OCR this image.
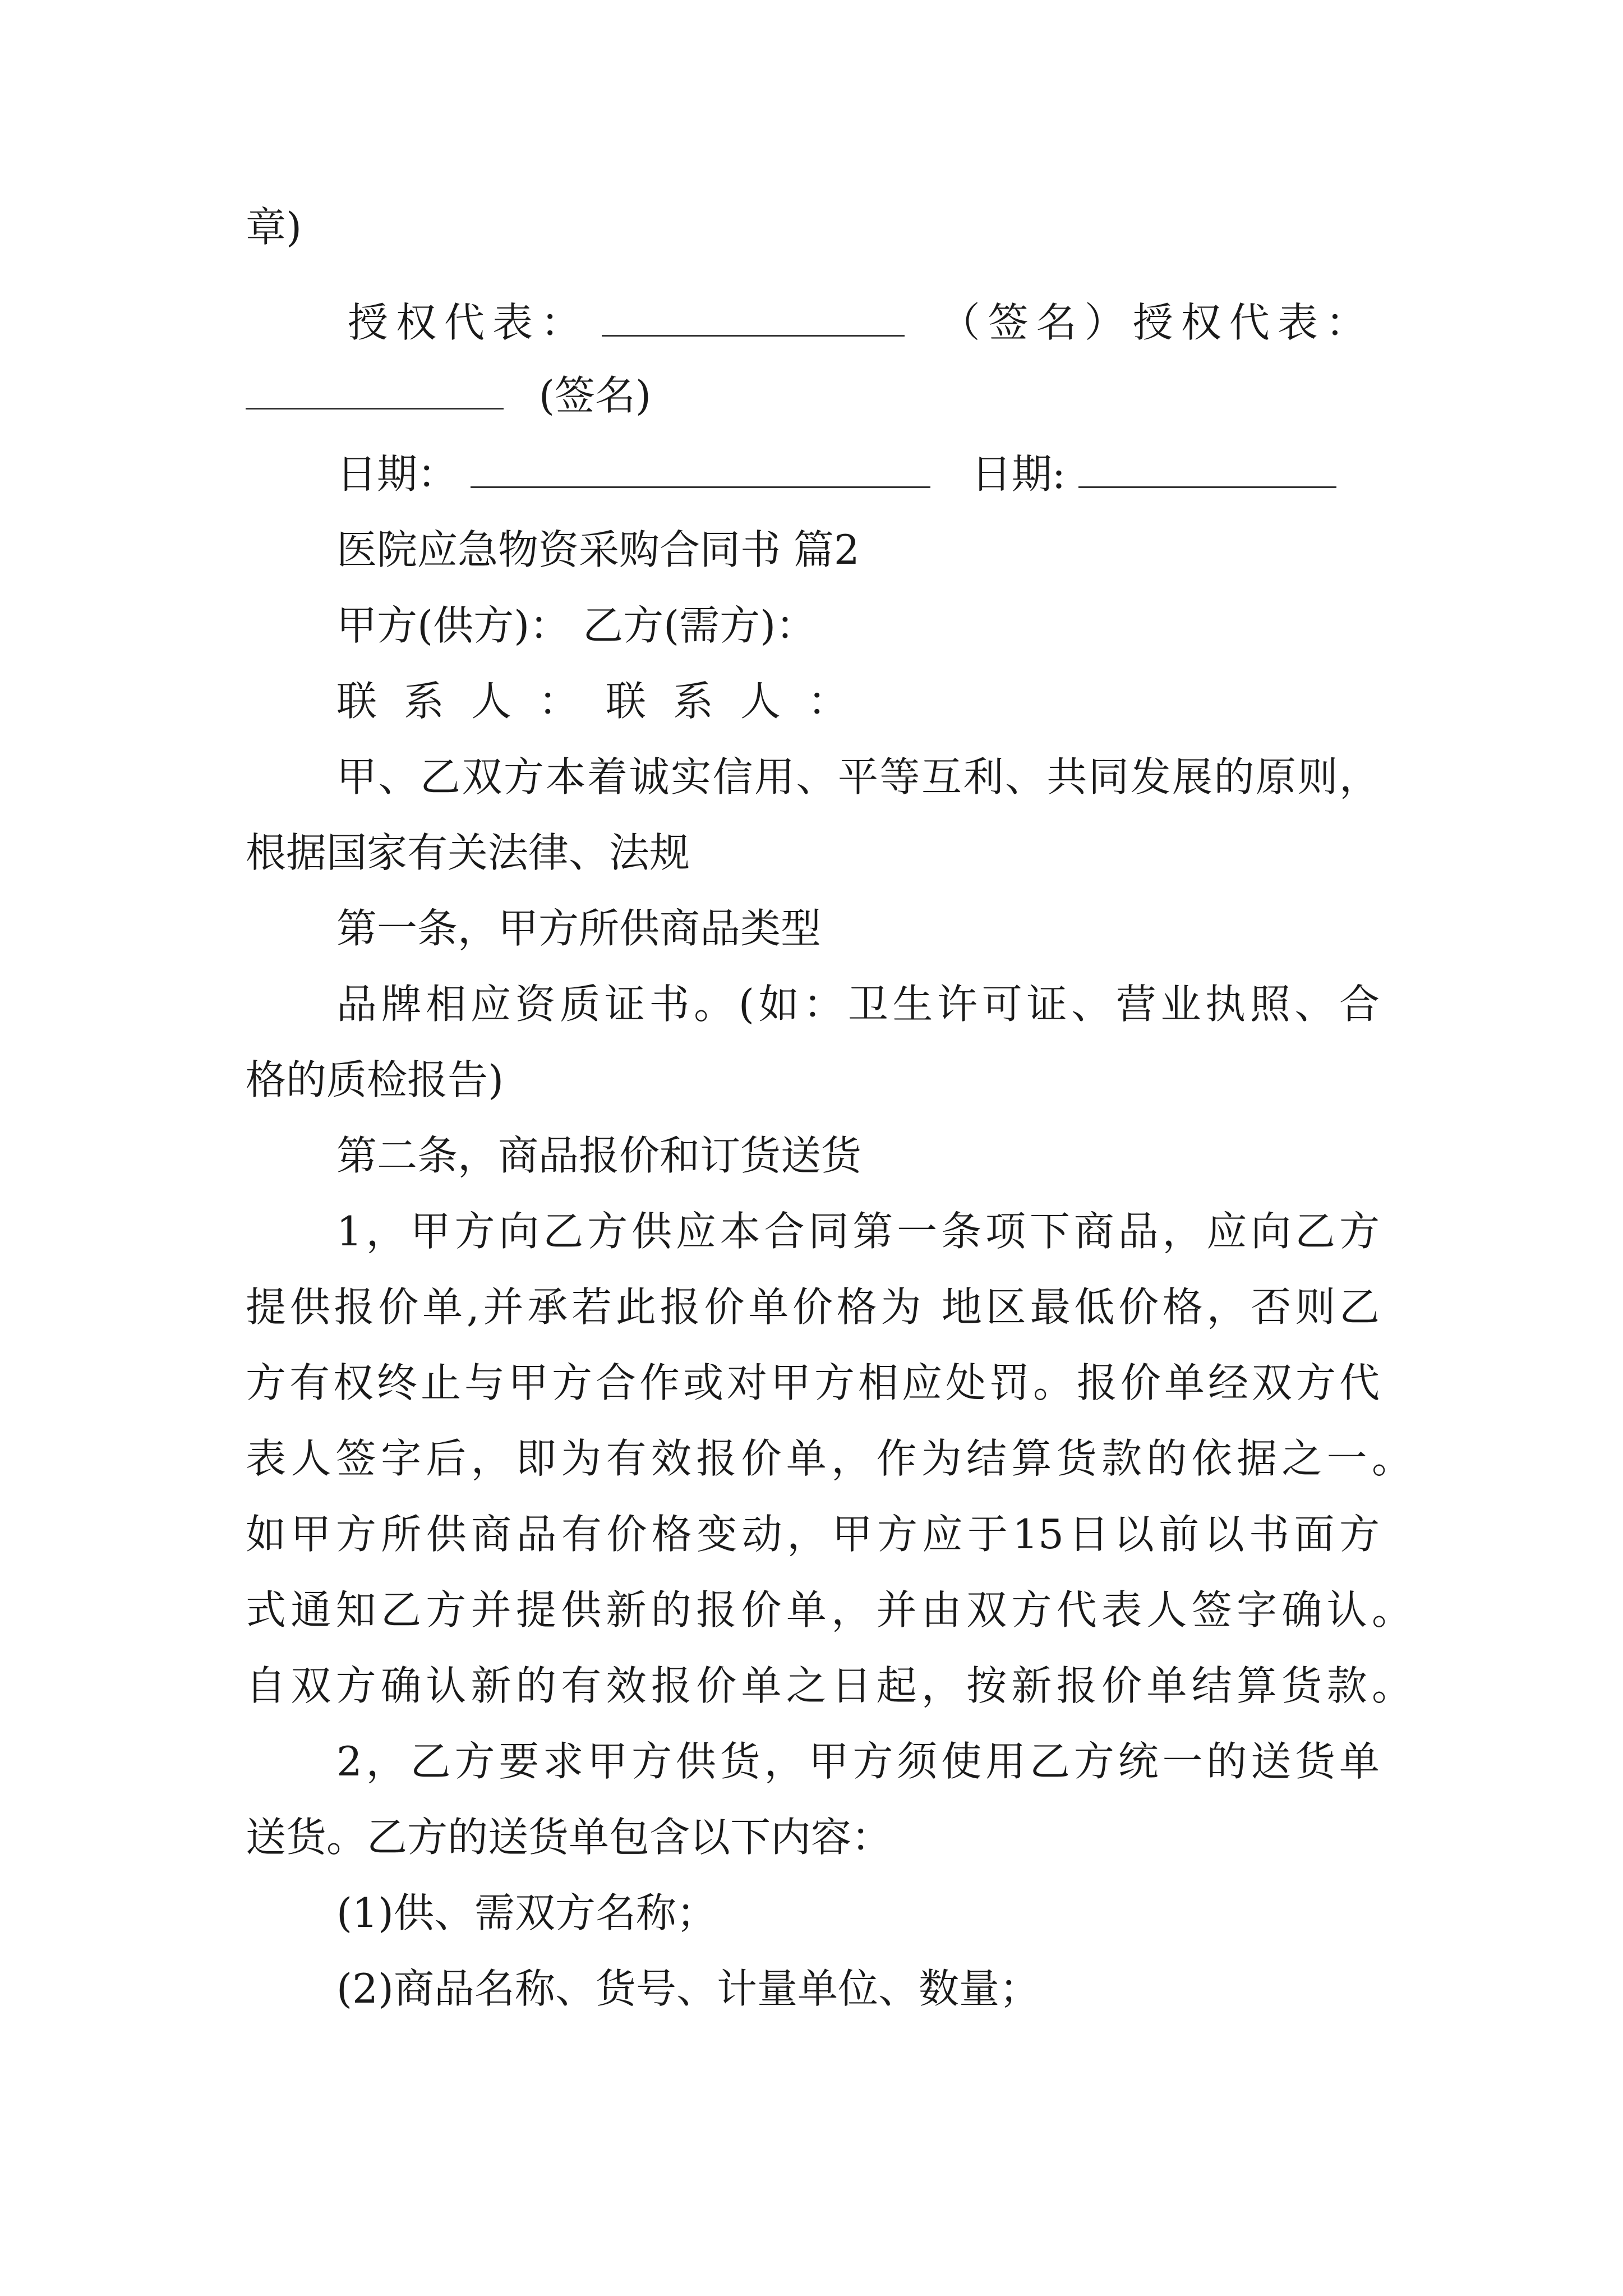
章)
授权代表：	（签名）授权代表：
(签名)
日期：	日期:
医院应急物资采购合同书 篇2
甲方(供方)： 乙方(需方)：
联系人：联系人：
甲、乙双方本着诚实信用、平等互利、共同发展的原则，
根据国家有关法律、法规
第一条，甲方所供商品类型
品牌相应资质证书。(如：卫生许可证、营业执照、合
格的质检报告)
第二条，商品报价和订货送货
1，甲方向乙方供应本合同第一条项下商品，应向乙方
提供报价单,并承若此报价单价格为 地区最低价格，否则乙
方有权终止与甲方合作或对甲方相应处罚。报价单经双方代
表人签字后，即为有效报价单，作为结算货款的依据之一。
如甲方所供商品有价格变动，甲方应于15日以前以书面方
式通知乙方并提供新的报价单，并由双方代表人签字确认。
自双方确认新的有效报价单之日起，按新报价单结算货款。
2，乙方要求甲方供货，甲方须使用乙方统一的送货单
送货。乙方的送货单包含以下内容：
(1)供、需双方名称；
(2)商品名称、货号、计量单位、数量；
